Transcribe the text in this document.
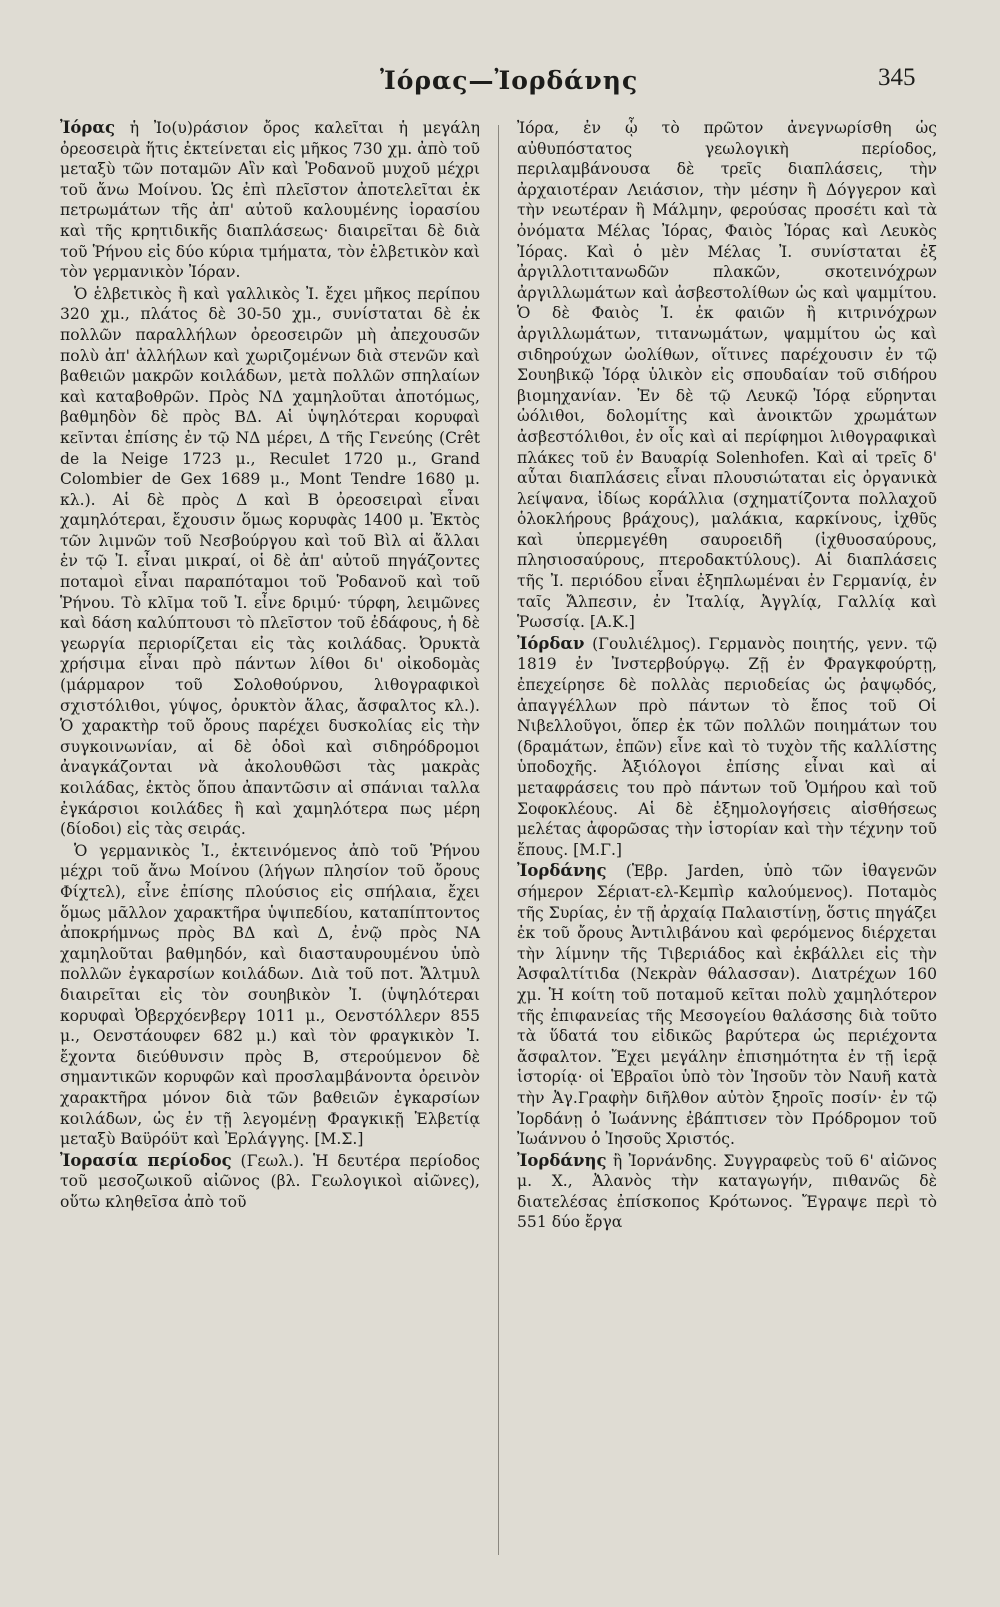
Ἰόρας—Ἰορδάνης	345

Ἰόρας ἡ Ἰο(υ)ράσιον ὄρος καλεῖται ἡ μεγάλη ὀρεοσειρὰ ἥτις ἐκτείνεται εἰς μῆκος 730 χμ. ἀπὸ τοῦ μεταξὺ τῶν ποταμῶν Αἲν καὶ Ῥοδανοῦ μυχοῦ μέχρι τοῦ ἄνω Μοίνου. Ὡς ἐπὶ πλεῖστον ἀποτελεῖται ἐκ πετρωμάτων τῆς ἀπ' αὐτοῦ καλουμένης ἰορασίου καὶ τῆς κρητιδικῆς διαπλάσεως· διαιρεῖται δὲ διὰ τοῦ Ῥήνου εἰς δύο κύρια τμήματα, τὸν ἑλβετικὸν καὶ τὸν γερμανικὸν Ἰόραν.

Ὁ ἑλβετικὸς ἢ καὶ γαλλικὸς Ἰ. ἔχει μῆκος περίπου 320 χμ., πλάτος δὲ 30-50 χμ., συνίσταται δὲ ἐκ πολλῶν παραλλήλων ὀρεοσειρῶν μὴ ἀπεχουσῶν πολὺ ἀπ' ἀλλήλων καὶ χωριζομένων διὰ στενῶν καὶ βαθειῶν μακρῶν κοιλάδων, μετὰ πολλῶν σπηλαίων καὶ καταβοθρῶν. Πρὸς ΝΔ χαμηλοῦται ἀποτόμως, βαθμηδὸν δὲ πρὸς ΒΔ. Αἱ ὑψηλότεραι κορυφαὶ κεῖνται ἐπίσης ἐν τῷ ΝΔ μέρει, Δ τῆς Γενεύης (Crêt de la Neige 1723 μ., Reculet 1720 μ., Grand Colombier de Gex 1689 μ., Mont Tendre 1680 μ. κλ.). Αἱ δὲ πρὸς Δ καὶ Β ὀρεοσειραὶ εἶναι χαμηλότεραι, ἔχουσιν ὅμως κορυφὰς 1400 μ. Ἐκτὸς τῶν λιμνῶν τοῦ Νεσβούργου καὶ τοῦ Βὶλ αἱ ἄλλαι ἐν τῷ Ἰ. εἶναι μικραί, οἱ δὲ ἀπ' αὐτοῦ πηγάζοντες ποταμοὶ εἶναι παραπόταμοι τοῦ Ῥοδανοῦ καὶ τοῦ Ῥήνου. Τὸ κλῖμα τοῦ Ἰ. εἶνε δριμύ· τύρφη, λειμῶνες καὶ δάση καλύπτουσι τὸ πλεῖστον τοῦ ἐδάφους, ἡ δὲ γεωργία περιορίζεται εἰς τὰς κοιλάδας. Ὀρυκτὰ χρήσιμα εἶναι πρὸ πάντων λίθοι δι' οἰκοδομὰς (μάρμαρον τοῦ Σολοθούρνου, λιθογραφικοὶ σχιστόλιθοι, γύψος, ὀρυκτὸν ἅλας, ἄσφαλτος κλ.). Ὁ χαρακτὴρ τοῦ ὄρους παρέχει δυσκολίας εἰς τὴν συγκοινωνίαν, αἱ δὲ ὁδοὶ καὶ σιδηρόδρομοι ἀναγκάζονται νὰ ἀκολουθῶσι τὰς μακρὰς κοιλάδας, ἐκτὸς ὅπου ἀπαντῶσιν αἱ σπάνιαι ταλλα ἐγκάρσιοι κοιλάδες ἢ καὶ χαμηλότερα πως μέρη (δίοδοι) εἰς τὰς σειράς.

Ὁ γερμανικὸς Ἰ., ἐκτεινόμενος ἀπὸ τοῦ Ῥήνου μέχρι τοῦ ἄνω Μοίνου (λήγων πλησίον τοῦ ὄρους Φίχτελ), εἶνε ἐπίσης πλούσιος εἰς σπήλαια, ἔχει ὅμως μᾶλλον χαρακτῆρα ὑψιπεδίου, καταπίπτοντος ἀποκρήμνως πρὸς ΒΔ καὶ Δ, ἐνῷ πρὸς ΝΑ χαμηλοῦται βαθμηδόν, καὶ διασταυρουμένου ὑπὸ πολλῶν ἐγκαρσίων κοιλάδων. Διὰ τοῦ ποτ. Ἄλτμυλ διαιρεῖται εἰς τὸν σουηβικὸν Ἰ. (ὑψηλότεραι κορυφαὶ Ὀβερχόενβεργ 1011 μ., Οενστόλλερν 855 μ., Οενστάουφεν 682 μ.) καὶ τὸν φραγκικὸν Ἰ. ἔχοντα διεύθυνσιν πρὸς Β, στερούμενον δὲ σημαντικῶν κορυφῶν καὶ προσλαμβάνοντα ὀρεινὸν χαρακτῆρα μόνον διὰ τῶν βαθειῶν ἐγκαρσίων κοιλάδων, ὡς ἐν τῇ λεγομένῃ Φραγκικῇ Ἑλβετίᾳ μεταξὺ Βαϋρόϋτ καὶ Ἐρλάγγης. [Μ.Σ.]

Ἰορασία περίοδος (Γεωλ.). Ἡ δευτέρα περίοδος τοῦ μεσοζωικοῦ αἰῶνος (βλ. Γεωλογικοὶ αἰῶνες), οὕτω κληθεῖσα ἀπὸ τοῦ

Ἰόρα, ἐν ᾧ τὸ πρῶτον ἀνεγνωρίσθη ὡς αὐθυπόστατος γεωλογικὴ περίοδος, περιλαμβάνουσα δὲ τρεῖς διαπλάσεις, τὴν ἀρχαιοτέραν Λειάσιον, τὴν μέσην ἢ Δόγγερον καὶ τὴν νεωτέραν ἢ Μάλμην, φερούσας προσέτι καὶ τὰ ὀνόματα Μέλας Ἰόρας, Φαιὸς Ἰόρας καὶ Λευκὸς Ἰόρας. Καὶ ὁ μὲν Μέλας Ἰ. συνίσταται ἐξ ἀργιλλοτιτανωδῶν πλακῶν, σκοτεινόχρων ἀργιλλωμάτων καὶ ἀσβεστολίθων ὡς καὶ ψαμμίτου. Ὁ δὲ Φαιὸς Ἰ. ἐκ φαιῶν ἢ κιτρινόχρων ἀργιλλωμάτων, τιτανωμάτων, ψαμμίτου ὡς καὶ σιδηρούχων ὠολίθων, οἵτινες παρέχουσιν ἐν τῷ Σουηβικῷ Ἰόρᾳ ὑλικὸν εἰς σπουδαίαν τοῦ σιδήρου βιομηχανίαν. Ἐν δὲ τῷ Λευκῷ Ἰόρᾳ εὕρηνται ὠόλιθοι, δολομίτης καὶ ἀνοικτῶν χρωμάτων ἀσβεστόλιθοι, ἐν οἷς καὶ αἱ περίφημοι λιθογραφικαὶ πλάκες τοῦ ἐν Βαυαρίᾳ Solenhofen. Καὶ αἱ τρεῖς δ' αὗται διαπλάσεις εἶναι πλουσιώταται εἰς ὀργανικὰ λείψανα, ἰδίως κοράλλια (σχηματίζοντα πολλαχοῦ ὁλοκλήρους βράχους), μαλάκια, καρκίνους, ἰχθῦς καὶ ὑπερμεγέθη σαυροειδῆ (ἰχθυοσαύρους, πλησιοσαύρους, πτεροδακτύλους). Αἱ διαπλάσεις τῆς Ἰ. περιόδου εἶναι ἐξηπλωμέναι ἐν Γερμανίᾳ, ἐν ταῖς Ἄλπεσιν, ἐν Ἰταλίᾳ, Ἀγγλίᾳ, Γαλλίᾳ καὶ Ῥωσσίᾳ. [Α.Κ.]

Ἰόρδαν (Γουλιέλμος). Γερμανὸς ποιητής, γενν. τῷ 1819 ἐν Ἰνστερβούργῳ. Ζῇ ἐν Φραγκφούρτῃ, ἐπεχείρησε δὲ πολλὰς περιοδείας ὡς ῥαψῳδός, ἀπαγγέλλων πρὸ πάντων τὸ ἔπος τοῦ Οἱ Νιβελλοῦγοι, ὅπερ ἐκ τῶν πολλῶν ποιημάτων του (δραμάτων, ἐπῶν) εἶνε καὶ τὸ τυχὸν τῆς καλλίστης ὑποδοχῆς. Ἀξιόλογοι ἐπίσης εἶναι καὶ αἱ μεταφράσεις του πρὸ πάντων τοῦ Ὁμήρου καὶ τοῦ Σοφοκλέους. Αἱ δὲ ἐξημολογήσεις αἰσθήσεως μελέτας ἀφορῶσας τὴν ἱστορίαν καὶ τὴν τέχνην τοῦ ἔπους. [Μ.Γ.]

Ἰορδάνης (Ἑβρ. Jarden, ὑπὸ τῶν ἰθαγενῶν σήμερον Σέριατ-ελ-Κεμπὶρ καλούμενος). Ποταμὸς τῆς Συρίας, ἐν τῇ ἀρχαίᾳ Παλαιστίνῃ, ὅστις πηγάζει ἐκ τοῦ ὄρους Ἀντιλιβάνου καὶ φερόμενος διέρχεται τὴν λίμνην τῆς Τιβεριάδος καὶ ἐκβάλλει εἰς τὴν Ἀσφαλτίτιδα (Νεκρὰν θάλασσαν). Διατρέχων 160 χμ. Ἡ κοίτη τοῦ ποταμοῦ κεῖται πολὺ χαμηλότερον τῆς ἐπιφανείας τῆς Μεσογείου θαλάσσης διὰ τοῦτο τὰ ὕδατά του εἰδικῶς βαρύτερα ὡς περιέχοντα ἄσφαλτον. Ἔχει μεγάλην ἐπισημότητα ἐν τῇ ἱερᾷ ἱστορίᾳ· οἱ Ἑβραῖοι ὑπὸ τὸν Ἰησοῦν τὸν Ναυῆ κατὰ τὴν Ἀγ.Γραφὴν διῆλθον αὐτὸν ξηροῖς ποσίν· ἐν τῷ Ἰορδάνῃ ὁ Ἰωάννης ἐβάπτισεν τὸν Πρόδρομον τοῦ Ἰωάννου ὁ Ἰησοῦς Χριστός.

Ἰορδάνης ἢ Ἰορνάνδης. Συγγραφεὺς τοῦ 6' αἰῶνος μ. Χ., Ἀλανὸς τὴν καταγωγήν, πιθανῶς δὲ διατελέσας ἐπίσκοπος Κρότωνος. Ἔγραψε περὶ τὸ 551 δύο ἔργα
